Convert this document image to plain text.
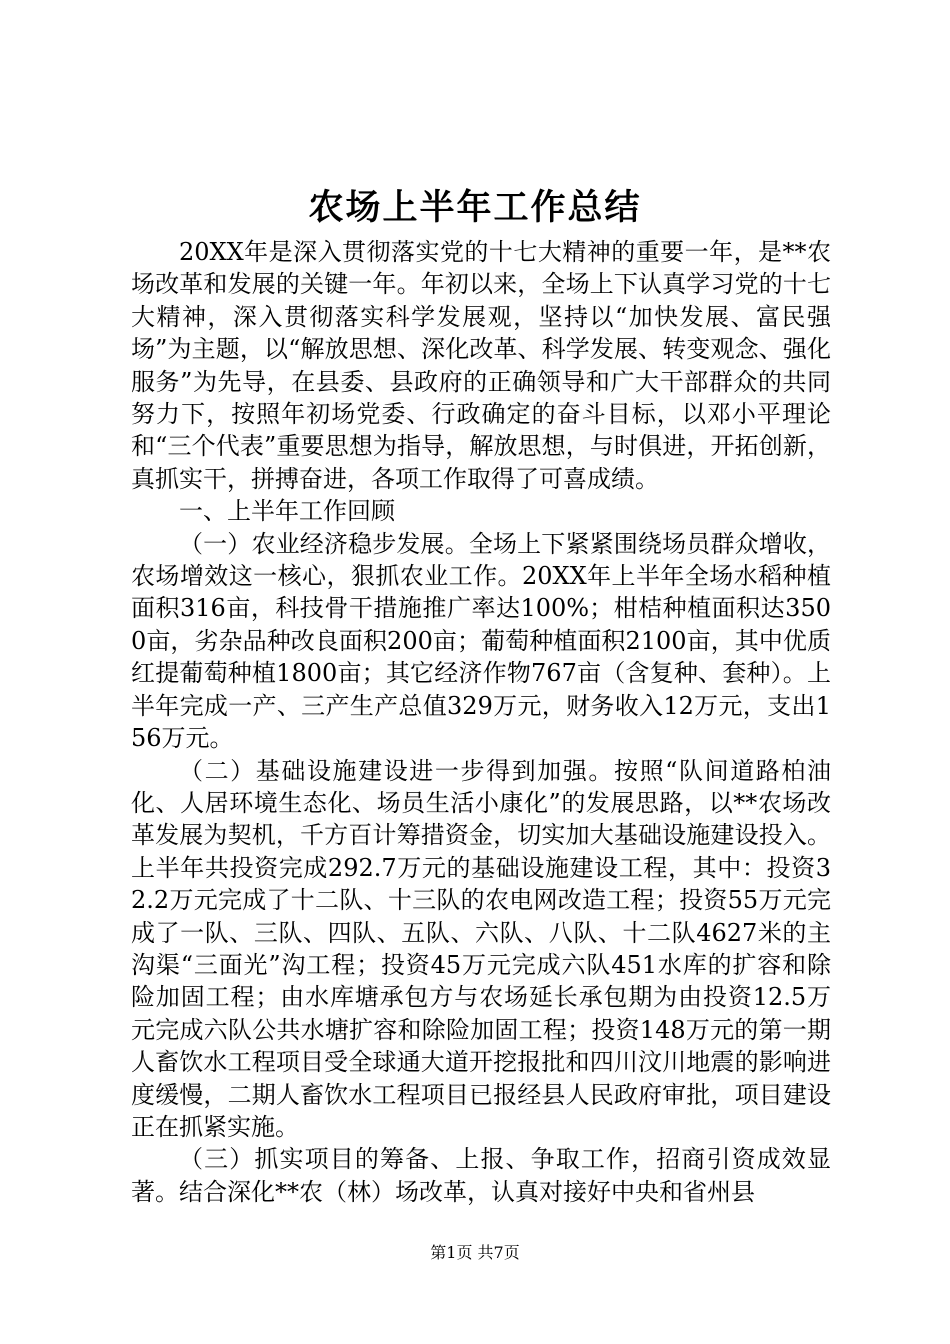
农场上半年工作总结

20XX年是深入贯彻落实党的十七大精神的重要一年，是**农场改革和发展的关键一年。年初以来，全场上下认真学习党的十七大精神，深入贯彻落实科学发展观，坚持以“加快发展、富民强场”为主题，以“解放思想、深化改革、科学发展、转变观念、强化服务”为先导，在县委、县政府的正确领导和广大干部群众的共同努力下，按照年初场党委、行政确定的奋斗目标，以邓小平理论和“三个代表”重要思想为指导，解放思想，与时俱进，开拓创新，真抓实干，拼搏奋进，各项工作取得了可喜成绩。

一、上半年工作回顾

（一）农业经济稳步发展。全场上下紧紧围绕场员群众增收，农场增效这一核心，狠抓农业工作。20XX年上半年全场水稻种植面积316亩，科技骨干措施推广率达100%；柑桔种植面积达3500亩，劣杂品种改良面积200亩；葡萄种植面积2100亩，其中优质红提葡萄种植1800亩；其它经济作物767亩（含复种、套种）。上半年完成一产、三产生产总值329万元，财务收入12万元，支出156万元。

（二）基础设施建设进一步得到加强。按照“队间道路柏油化、人居环境生态化、场员生活小康化”的发展思路，以**农场改革发展为契机，千方百计筹措资金，切实加大基础设施建设投入。上半年共投资完成292.7万元的基础设施建设工程，其中：投资32.2万元完成了十二队、十三队的农电网改造工程；投资55万元完成了一队、三队、四队、五队、六队、八队、十二队4627米的主沟渠“三面光”沟工程；投资45万元完成六队451水库的扩容和除险加固工程；由水库塘承包方与农场延长承包期为由投资12.5万元完成六队公共水塘扩容和除险加固工程；投资148万元的第一期人畜饮水工程项目受全球通大道开挖报批和四川汶川地震的影响进度缓慢，二期人畜饮水工程项目已报经县人民政府审批，项目建设正在抓紧实施。

（三）抓实项目的筹备、上报、争取工作，招商引资成效显著。结合深化**农（林）场改革，认真对接好中央和省州县

第1页 共7页
